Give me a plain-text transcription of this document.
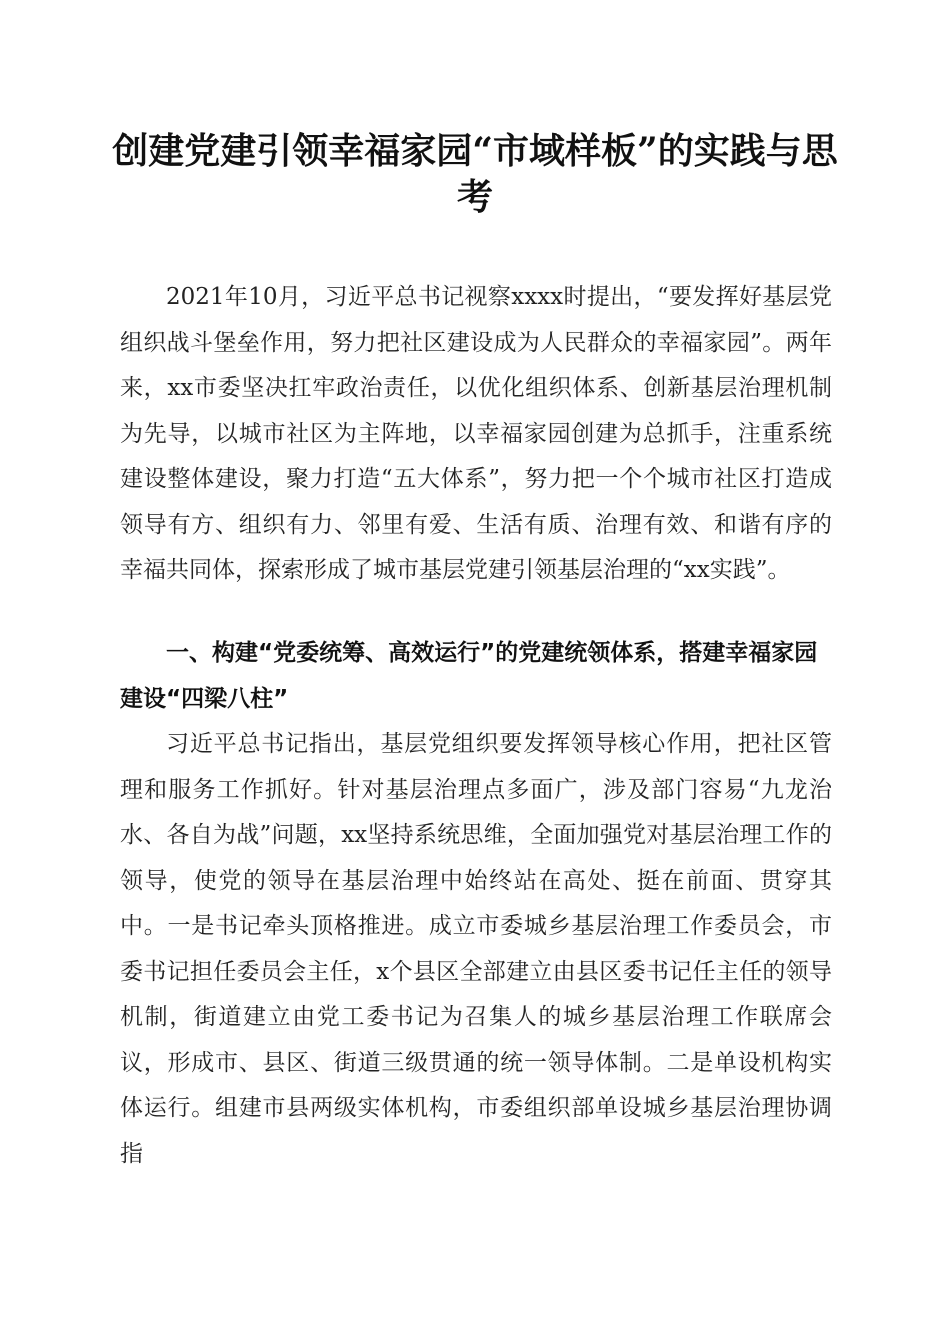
创建党建引领幸福家园“市域样板”的实践与思考

2021年10月，习近平总书记视察xxxx时提出，“要发挥好基层党组织战斗堡垒作用，努力把社区建设成为人民群众的幸福家园”。两年来，xx市委坚决扛牢政治责任，以优化组织体系、创新基层治理机制为先导，以城市社区为主阵地，以幸福家园创建为总抓手，注重系统建设整体建设，聚力打造“五大体系”，努力把一个个城市社区打造成领导有方、组织有力、邻里有爱、生活有质、治理有效、和谐有序的幸福共同体，探索形成了城市基层党建引领基层治理的“xx实践”。

一、构建“党委统筹、高效运行”的党建统领体系，搭建幸福家园建设“四梁八柱”

习近平总书记指出，基层党组织要发挥领导核心作用，把社区管理和服务工作抓好。针对基层治理点多面广，涉及部门容易“九龙治水、各自为战”问题，xx坚持系统思维，全面加强党对基层治理工作的领导，使党的领导在基层治理中始终站在高处、挺在前面、贯穿其中。一是书记牵头顶格推进。成立市委城乡基层治理工作委员会，市委书记担任委员会主任，x个县区全部建立由县区委书记任主任的领导机制，街道建立由党工委书记为召集人的城乡基层治理工作联席会议，形成市、县区、街道三级贯通的统一领导体制。二是单设机构实体运行。组建市县两级实体机构，市委组织部单设城乡基层治理协调指
